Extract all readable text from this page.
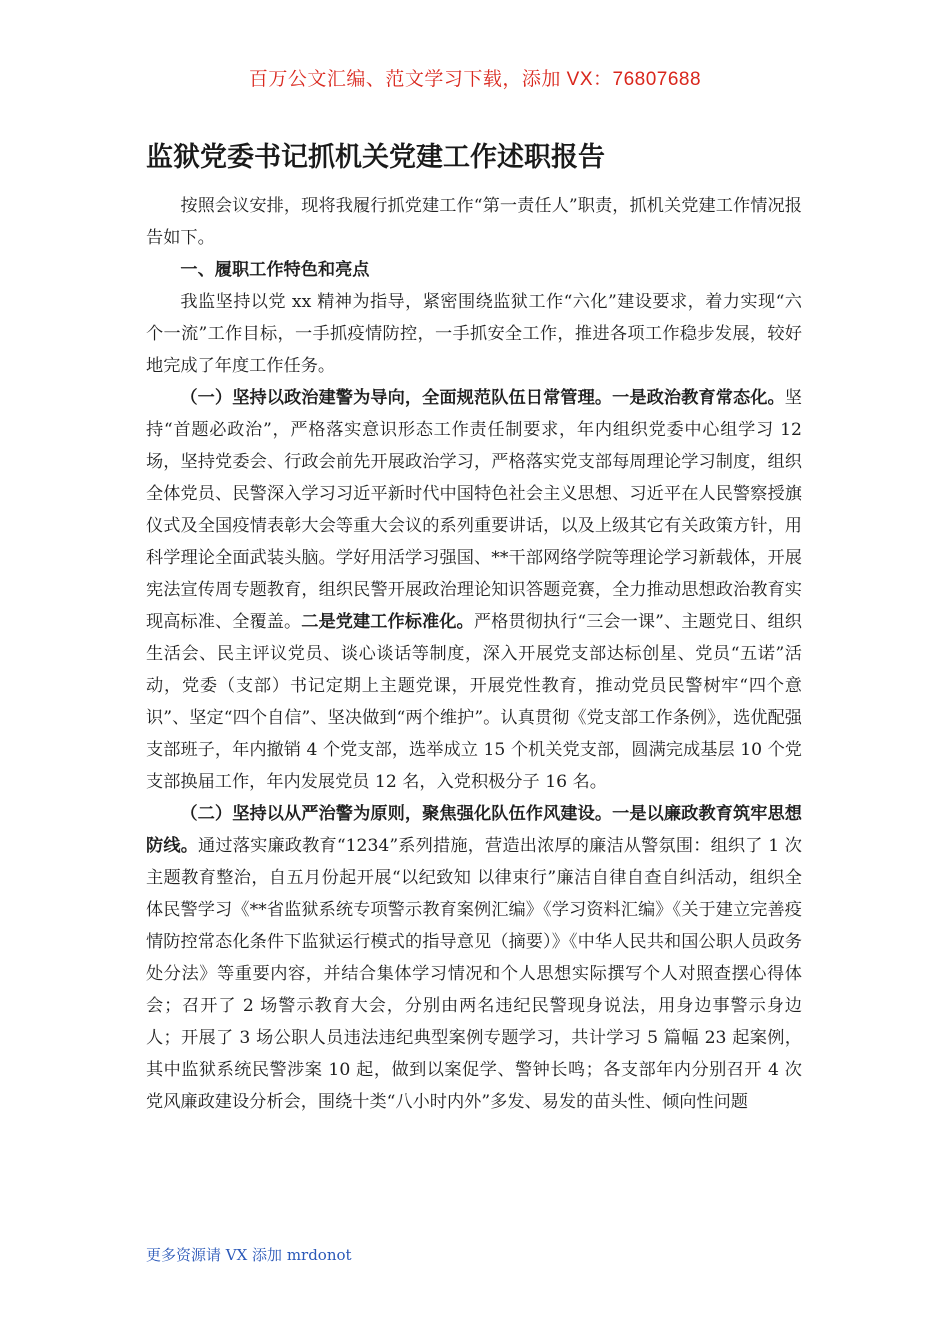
百万公文汇编、范文学习下载，添加 VX：76807688
监狱党委书记抓机关党建工作述职报告

按照会议安排，现将我履行抓党建工作“第一责任人”职责，抓机关党建工作情况报告如下。

一、履职工作特色和亮点

我监坚持以党 xx 精神为指导，紧密围绕监狱工作“六化”建设要求，着力实现“六个一流”工作目标，一手抓疫情防控，一手抓安全工作，推进各项工作稳步发展，较好地完成了年度工作任务。

（一）坚持以政治建警为导向，全面规范队伍日常管理。一是政治教育常态化。坚持“首题必政治”，严格落实意识形态工作责任制要求，年内组织党委中心组学习 12 场，坚持党委会、行政会前先开展政治学习，严格落实党支部每周理论学习制度，组织全体党员、民警深入学习习近平新时代中国特色社会主义思想、习近平在人民警察授旗仪式及全国疫情表彰大会等重大会议的系列重要讲话，以及上级其它有关政策方针，用科学理论全面武装头脑。学好用活学习强国、**干部网络学院等理论学习新载体，开展宪法宣传周专题教育，组织民警开展政治理论知识答题竞赛，全力推动思想政治教育实现高标准、全覆盖。二是党建工作标准化。严格贯彻执行“三会一课”、主题党日、组织生活会、民主评议党员、谈心谈话等制度，深入开展党支部达标创星、党员“五诺”活动，党委（支部）书记定期上主题党课，开展党性教育，推动党员民警树牢“四个意识”、坚定“四个自信”、坚决做到“两个维护”。认真贯彻《党支部工作条例》，选优配强支部班子，年内撤销 4 个党支部，选举成立 15 个机关党支部，圆满完成基层 10 个党支部换届工作，年内发展党员 12 名，入党积极分子 16 名。

（二）坚持以从严治警为原则，聚焦强化队伍作风建设。一是以廉政教育筑牢思想防线。通过落实廉政教育“1234”系列措施，营造出浓厚的廉洁从警氛围：组织了 1 次主题教育整治，自五月份起开展“以纪致知 以律束行”廉洁自律自查自纠活动，组织全体民警学习《**省监狱系统专项警示教育案例汇编》《学习资料汇编》《关于建立完善疫情防控常态化条件下监狱运行模式的指导意见（摘要）》《中华人民共和国公职人员政务处分法》等重要内容，并结合集体学习情况和个人思想实际撰写个人对照查摆心得体会；召开了 2 场警示教育大会，分别由两名违纪民警现身说法，用身边事警示身边人；开展了 3 场公职人员违法违纪典型案例专题学习，共计学习 5 篇幅 23 起案例，其中监狱系统民警涉案 10 起，做到以案促学、警钟长鸣；各支部年内分别召开 4 次党风廉政建设分析会，围绕十类“八小时内外”多发、易发的苗头性、倾向性问题

更多资源请 VX 添加 mrdonot
